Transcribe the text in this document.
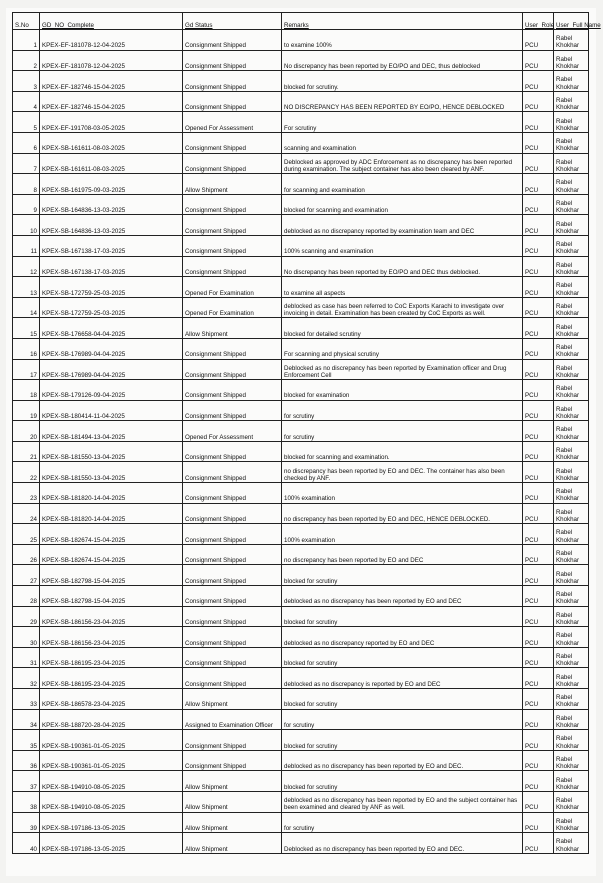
S.No	GD_NO_Complete	Gd Status	Remarks	User_Role	User_Full Name
1	KPEX-EF-181078-12-04-2025	Consignment Shipped	to examine 100%	PCU	Rabel Khokhar
2	KPEX-EF-181078-12-04-2025	Consignment Shipped	No discrepancy has been reported by EO/PO and DEC, thus deblocked	PCU	Rabel Khokhar
3	KPEX-EF-182746-15-04-2025	Consignment Shipped	blocked for scrutiny.	PCU	Rabel Khokhar
4	KPEX-EF-182746-15-04-2025	Consignment Shipped	NO DISCREPANCY HAS BEEN REPORTED BY EO/PO, HENCE DEBLOCKED	PCU	Rabel Khokhar
5	KPEX-EF-191708-03-05-2025	Opened For Assessment	For scrutiny	PCU	Rabel Khokhar
6	KPEX-SB-161611-08-03-2025	Consignment Shipped	scanning and examination	PCU	Rabel Khokhar
7	KPEX-SB-161611-08-03-2025	Consignment Shipped	Deblocked as approved by ADC Enforcement as no discrepancy has been reported during examination. The subject container has also been cleared by ANF.	PCU	Rabel Khokhar
8	KPEX-SB-161975-09-03-2025	Allow Shipment	for scanning and examination	PCU	Rabel Khokhar
9	KPEX-SB-164836-13-03-2025	Consignment Shipped	blocked for scanning and examination	PCU	Rabel Khokhar
10	KPEX-SB-164836-13-03-2025	Consignment Shipped	deblocked as no discrepancy reported by examination team and DEC	PCU	Rabel Khokhar
11	KPEX-SB-167138-17-03-2025	Consignment Shipped	100% scanning and examination	PCU	Rabel Khokhar
12	KPEX-SB-167138-17-03-2025	Consignment Shipped	No discrepancy has been reported by EO/PO and DEC thus deblocked.	PCU	Rabel Khokhar
13	KPEX-SB-172759-25-03-2025	Opened For Examination	to examine all aspects	PCU	Rabel Khokhar
14	KPEX-SB-172759-25-03-2025	Opened For Examination	deblocked as case has been referred to CoC Exports Karachi to investigate over invoicing in detail. Examination has been created by CoC Exports as well.	PCU	Rabel Khokhar
15	KPEX-SB-176658-04-04-2025	Allow Shipment	blocked for detailed scrutiny	PCU	Rabel Khokhar
16	KPEX-SB-176989-04-04-2025	Consignment Shipped	For scanning and physical scrutiny	PCU	Rabel Khokhar
17	KPEX-SB-176989-04-04-2025	Consignment Shipped	Deblocked as no discrepancy has been reported by Examination officer and Drug Enforcement Cell	PCU	Rabel Khokhar
18	KPEX-SB-179126-09-04-2025	Consignment Shipped	blocked for examination	PCU	Rabel Khokhar
19	KPEX-SB-180414-11-04-2025	Consignment Shipped	for scrutiny	PCU	Rabel Khokhar
20	KPEX-SB-181494-13-04-2025	Opened For Assessment	for scrutiny	PCU	Rabel Khokhar
21	KPEX-SB-181550-13-04-2025	Consignment Shipped	blocked for scanning and examination.	PCU	Rabel Khokhar
22	KPEX-SB-181550-13-04-2025	Consignment Shipped	no discrepancy has been reported by EO and DEC. The container has also been checked by ANF.	PCU	Rabel Khokhar
23	KPEX-SB-181820-14-04-2025	Consignment Shipped	100% examination	PCU	Rabel Khokhar
24	KPEX-SB-181820-14-04-2025	Consignment Shipped	no discrepancy has been reported by EO and DEC, HENCE DEBLOCKED.	PCU	Rabel Khokhar
25	KPEX-SB-182674-15-04-2025	Consignment Shipped	100% examination	PCU	Rabel Khokhar
26	KPEX-SB-182674-15-04-2025	Consignment Shipped	no discrepancy has been reported by EO and DEC	PCU	Rabel Khokhar
27	KPEX-SB-182798-15-04-2025	Consignment Shipped	blocked for scrutiny	PCU	Rabel Khokhar
28	KPEX-SB-182798-15-04-2025	Consignment Shipped	deblocked as no discrepancy has been reported by EO and DEC	PCU	Rabel Khokhar
29	KPEX-SB-186156-23-04-2025	Consignment Shipped	blocked for scrutiny	PCU	Rabel Khokhar
30	KPEX-SB-186156-23-04-2025	Consignment Shipped	deblocked as no discrepancy reported by EO and DEC	PCU	Rabel Khokhar
31	KPEX-SB-186195-23-04-2025	Consignment Shipped	blocked for scrutiny	PCU	Rabel Khokhar
32	KPEX-SB-186195-23-04-2025	Consignment Shipped	deblocked as no discrepancy is reported by EO and DEC	PCU	Rabel Khokhar
33	KPEX-SB-186578-23-04-2025	Allow Shipment	blocked for scrutiny	PCU	Rabel Khokhar
34	KPEX-SB-188720-28-04-2025	Assigned to Examination Officer	for scrutiny	PCU	Rabel Khokhar
35	KPEX-SB-190361-01-05-2025	Consignment Shipped	blocked for scrutiny	PCU	Rabel Khokhar
36	KPEX-SB-190361-01-05-2025	Consignment Shipped	deblocked as no discrepancy has been reported by EO and DEC.	PCU	Rabel Khokhar
37	KPEX-SB-194910-08-05-2025	Allow Shipment	blocked for scrutiny	PCU	Rabel Khokhar
38	KPEX-SB-194910-08-05-2025	Allow Shipment	deblocked as no discrepancy has been reported by EO and the subject container has been examined and cleared by ANF as well.	PCU	Rabel Khokhar
39	KPEX-SB-197186-13-05-2025	Allow Shipment	for scrutiny	PCU	Rabel Khokhar
40	KPEX-SB-197186-13-05-2025	Allow Shipment	Deblocked as no discrepancy has been reported by EO and DEC.	PCU	Rabel Khokhar
